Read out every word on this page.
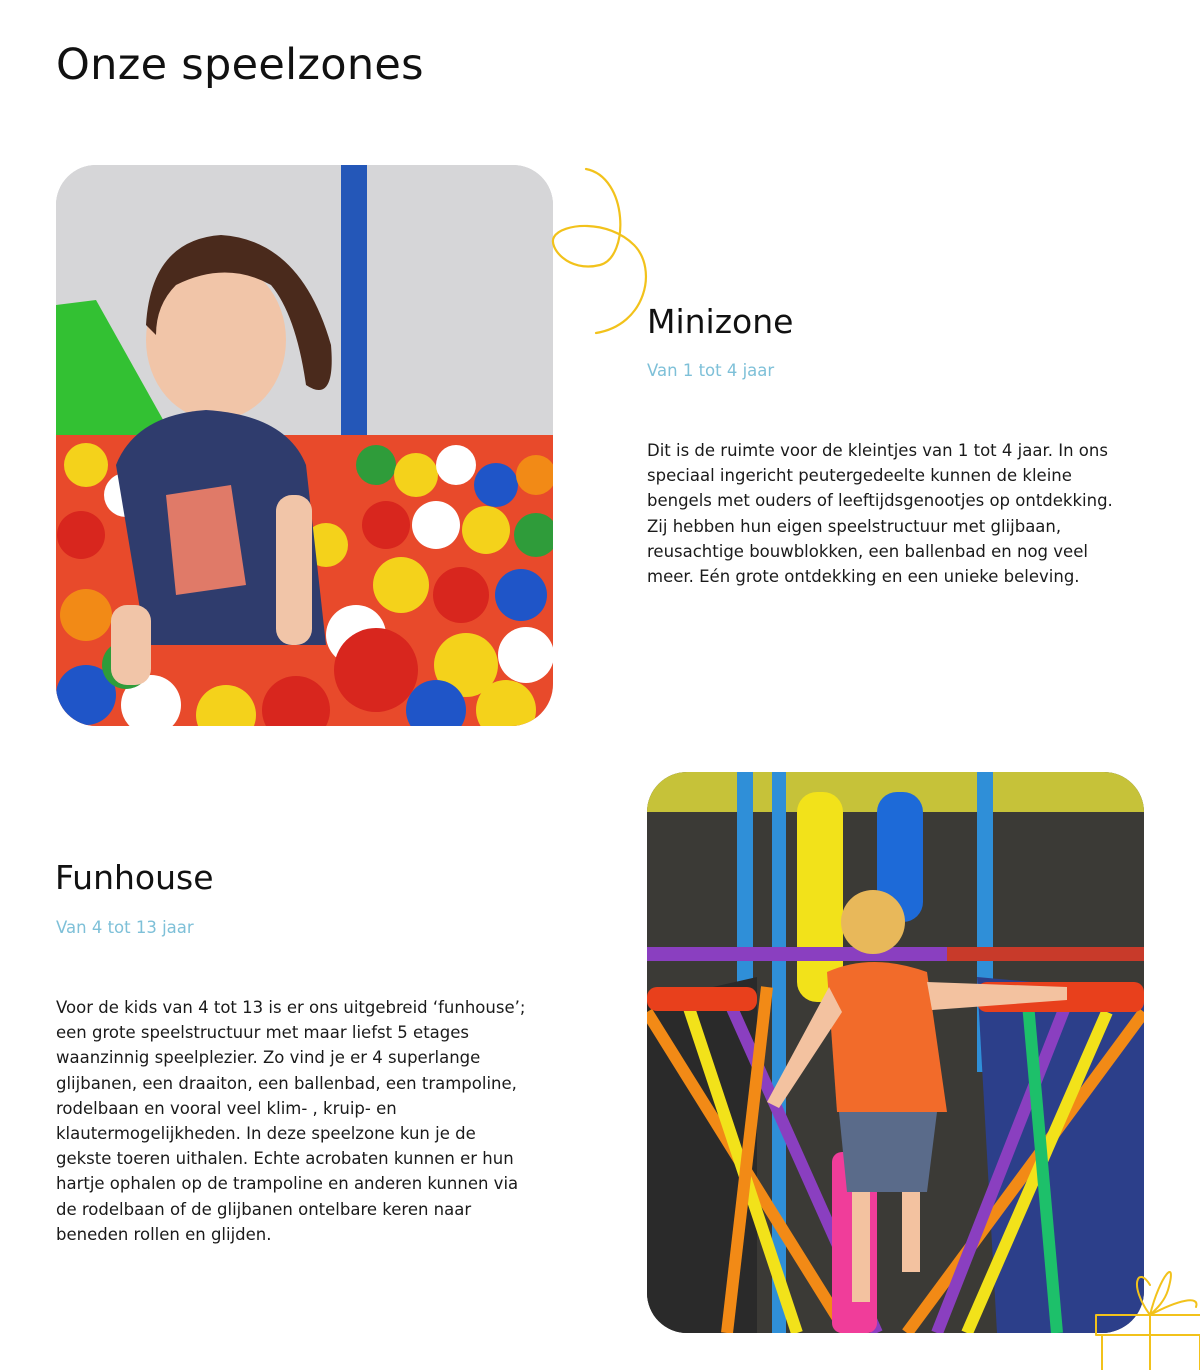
Onze speelzones
Minizone
Van 1 tot 4 jaar

Dit is de ruimte voor de kleintjes van 1 tot 4 jaar. In ons
speciaal ingericht peutergedeelte kunnen de kleine
bengels met ouders of leeftijdsgenootjes op ontdekking.
Zij hebben hun eigen speelstructuur met glijbaan,
reusachtige bouwblokken, een ballenbad en nog veel
meer. Eén grote ontdekking en een unieke beleving.

Funhouse
Van 4 tot 13 jaar

Voor de kids van 4 tot 13 is er ons uitgebreid ‘funhouse’;
een grote speelstructuur met maar liefst 5 etages
waanzinnig speelplezier. Zo vind je er 4 superlange
glijbanen, een draaiton, een ballenbad, een trampoline,
rodelbaan en vooral veel klim- , kruip- en
klautermogelijkheden. In deze speelzone kun je de
gekste toeren uithalen. Echte acrobaten kunnen er hun
hartje ophalen op de trampoline en anderen kunnen via
de rodelbaan of de glijbanen ontelbare keren naar
beneden rollen en glijden.
